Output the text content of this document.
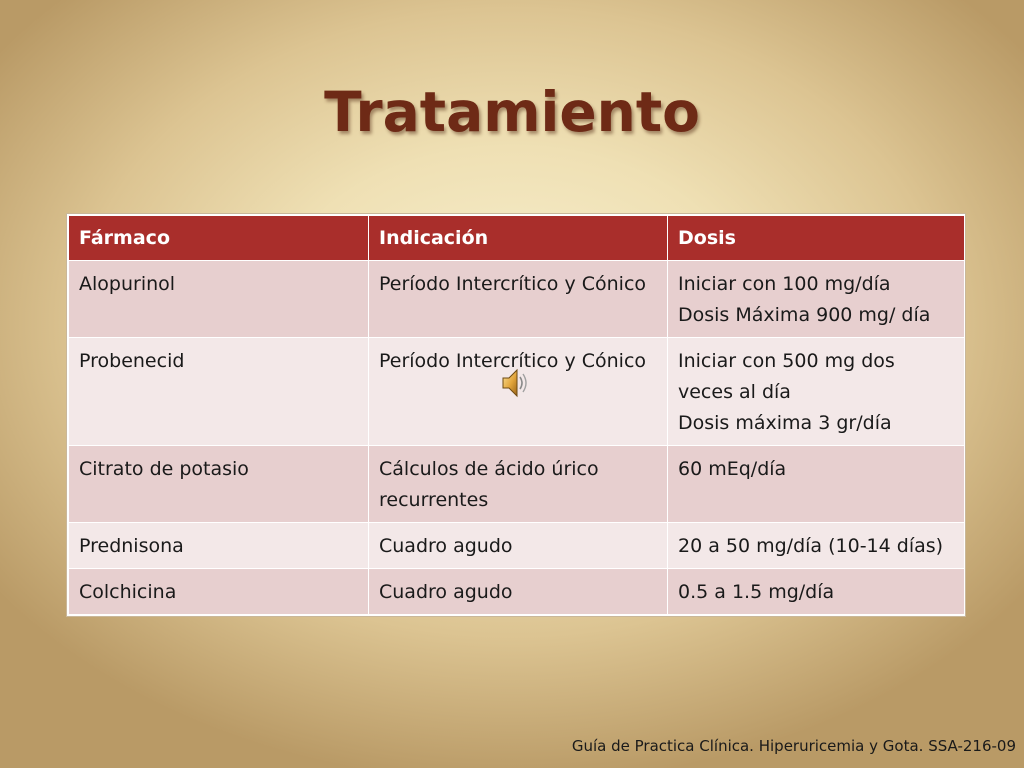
Tratamiento
Fármaco	Indicación	Dosis
Alopurinol	Período Intercrítico y Cónico	Iniciar con 100 mg/día
Dosis Máxima 900 mg/ día

Probenecid	Período Intercrítico y Cónico	Iniciar con 500 mg dos veces al día
Dosis máxima 3 gr/día

Citrato de potasio	Cálculos de ácido úrico recurrentes	60 mEq/día

Prednisona	Cuadro agudo	20 a 50 mg/día (10-14 días)

Colchicina	Cuadro agudo	0.5 a 1.5 mg/día
Guía de Practica Clínica. Hiperuricemia y Gota. SSA-216-09
